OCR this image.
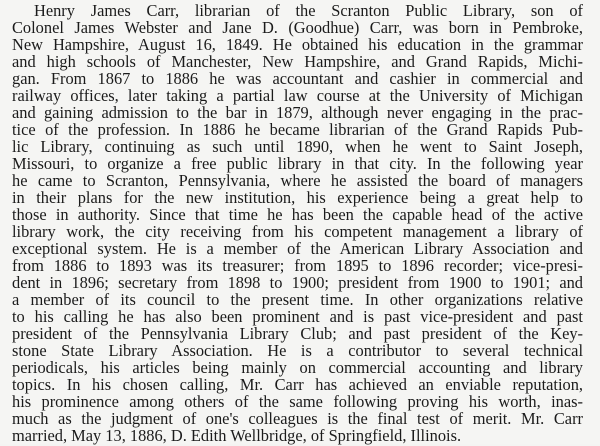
Henry James Carr, librarian of the Scranton Public Library, son of
Colonel James Webster and Jane D. (Goodhue) Carr, was born in Pembroke,
New Hampshire, August 16, 1849. He obtained his education in the grammar
and high schools of Manchester, New Hampshire, and Grand Rapids, Michi-
gan. From 1867 to 1886 he was accountant and cashier in commercial and
railway offices, later taking a partial law course at the University of Michigan
and gaining admission to the bar in 1879, although never engaging in the prac-
tice of the profession. In 1886 he became librarian of the Grand Rapids Pub-
lic Library, continuing as such until 1890, when he went to Saint Joseph,
Missouri, to organize a free public library in that city. In the following year
he came to Scranton, Pennsylvania, where he assisted the board of managers
in their plans for the new institution, his experience being a great help to
those in authority. Since that time he has been the capable head of the active
library work, the city receiving from his competent management a library of
exceptional system. He is a member of the American Library Association and
from 1886 to 1893 was its treasurer; from 1895 to 1896 recorder; vice-presi-
dent in 1896; secretary from 1898 to 1900; president from 1900 to 1901; and
a member of its council to the present time. In other organizations relative
to his calling he has also been prominent and is past vice-president and past
president of the Pennsylvania Library Club; and past president of the Key-
stone State Library Association. He is a contributor to several technical
periodicals, his articles being mainly on commercial accounting and library
topics. In his chosen calling, Mr. Carr has achieved an enviable reputation,
his prominence among others of the same following proving his worth, inas-
much as the judgment of one's colleagues is the final test of merit. Mr. Carr
married, May 13, 1886, D. Edith Wellbridge, of Springfield, Illinois.
